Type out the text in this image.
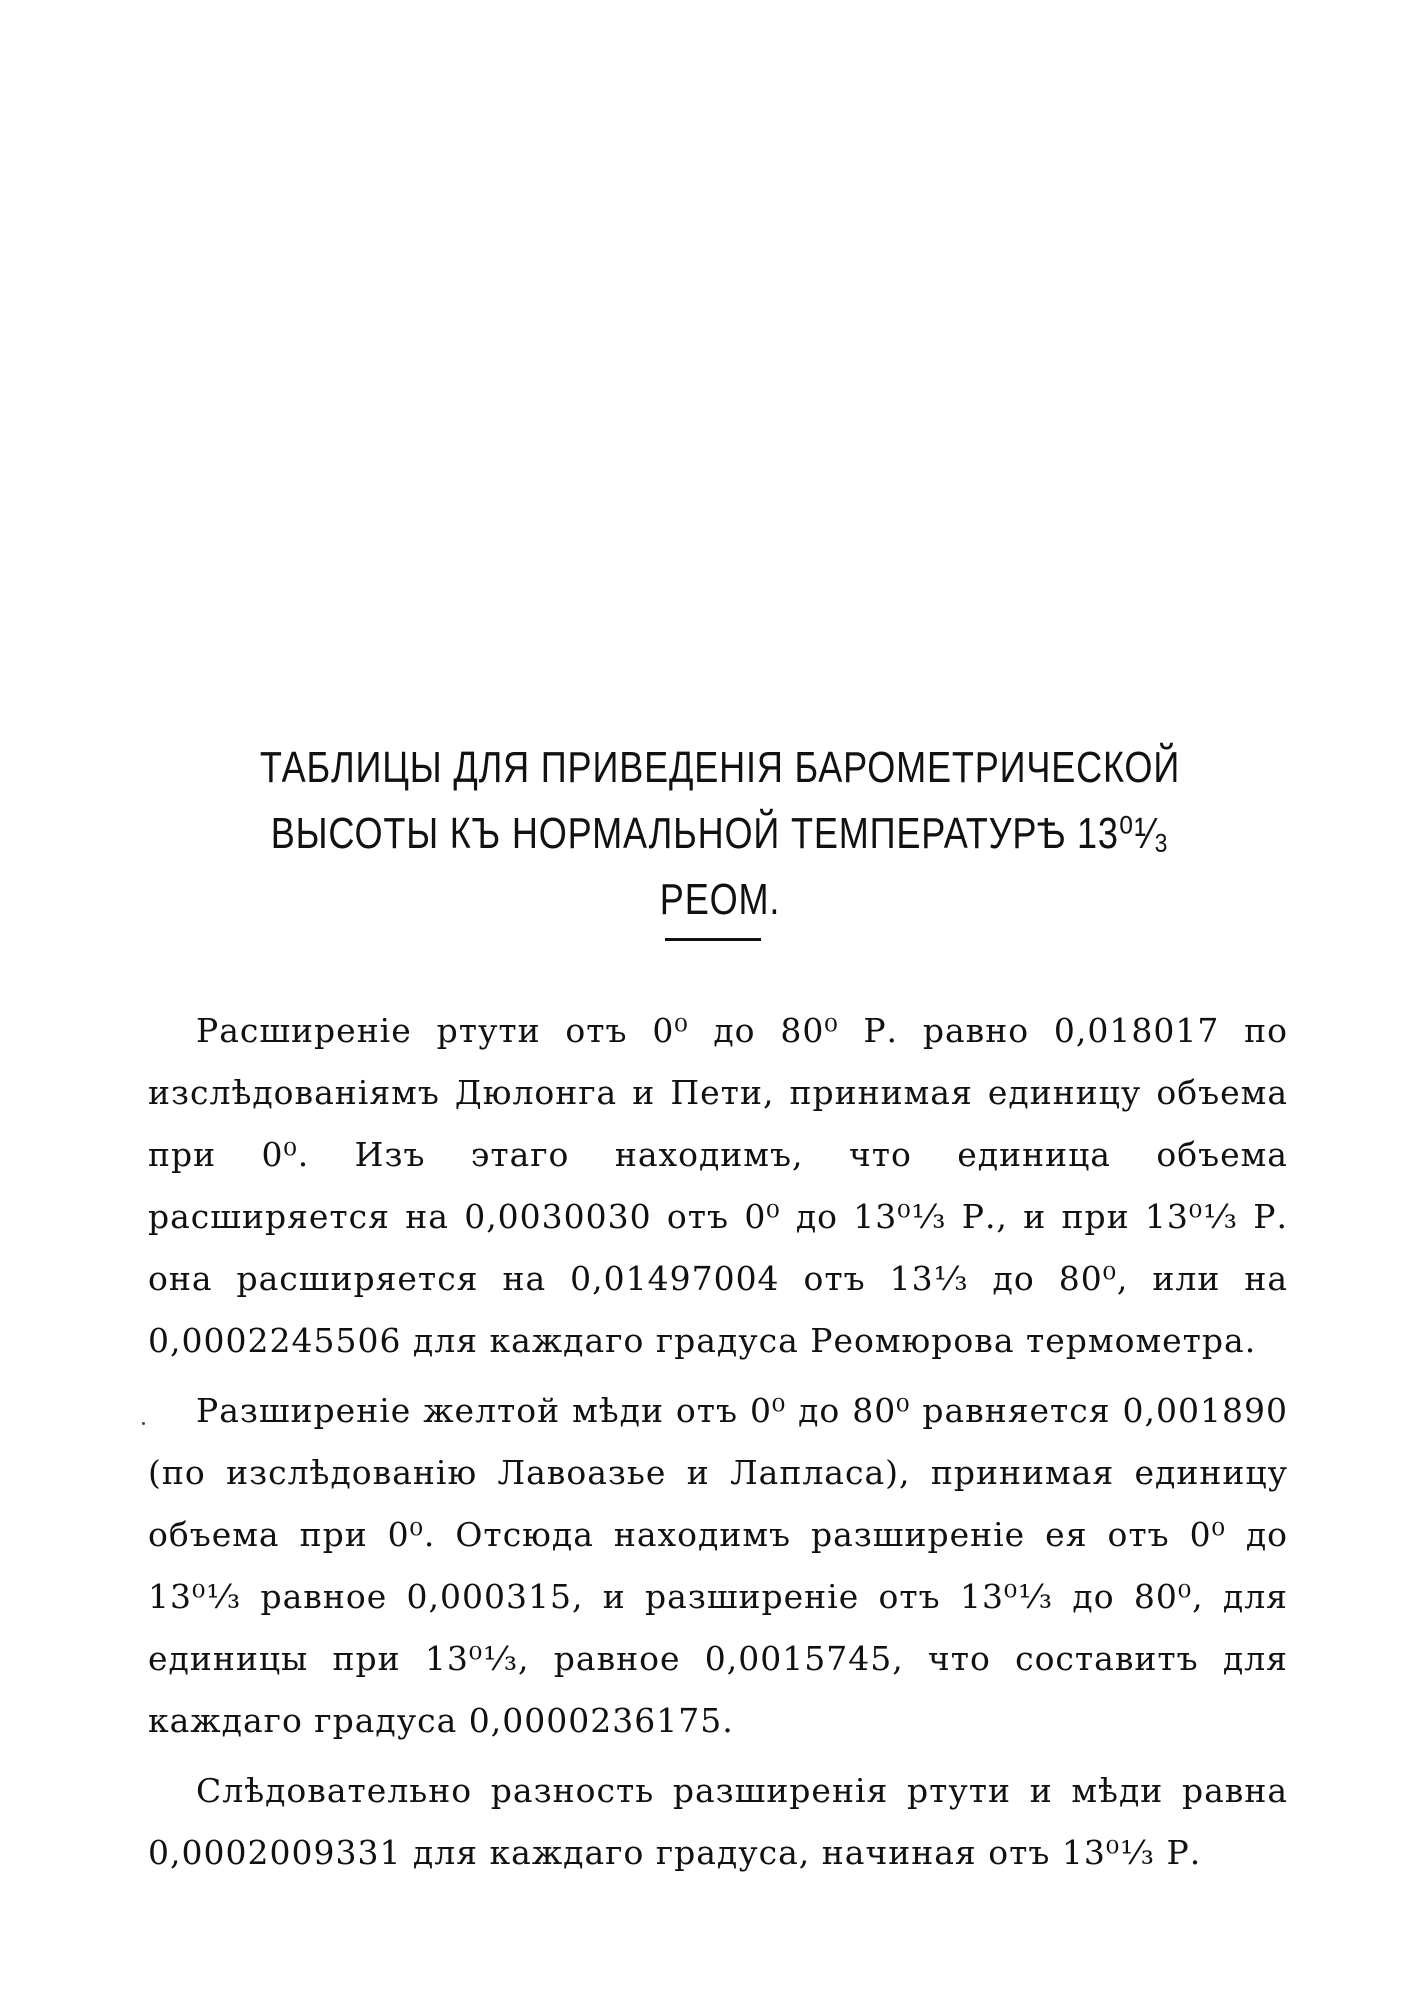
ТАБЛИЦЫ ДЛЯ ПРИВЕДЕНІЯ БАРОМЕТРИЧЕСКОЙ ВЫСОТЫ КЪ НОРМАЛЬНОЙ ТЕМПЕРАТУРѢ 13⁰¹⁄₃ РЕОМ.

Расширеніе ртути отъ 0⁰ до 80⁰ Р. равно 0,018017 по изслѣдованіямъ Дюлонга и Пети, принимая единицу объема при 0⁰. Изъ этаго находимъ, что единица объема расширяется на 0,0030030 отъ 0⁰ до 13⁰¹⁄₃ Р., и при 13⁰¹⁄₃ Р. она расширяется на 0,01497004 отъ 13¹⁄₃ до 80⁰, или на 0,0002245506 для каждаго градуса Реомюрова термометра.

Разширеніе желтой мѣди отъ 0⁰ до 80⁰ равняется 0,001890 (по изслѣдованію Лавоазье и Лапласа), принимая единицу объема при 0⁰. Отсюда находимъ разширеніе ея отъ 0⁰ до 13⁰¹⁄₃ равное 0,000315, и разширеніе отъ 13⁰¹⁄₃ до 80⁰, для единицы при 13⁰¹⁄₃, равное 0,0015745, что составитъ для каждаго градуса 0,0000236175.

Слѣдовательно разность разширенія ртути и мѣди равна 0,0002009331 для каждаго градуса, начиная отъ 13⁰¹⁄₃ Р.
